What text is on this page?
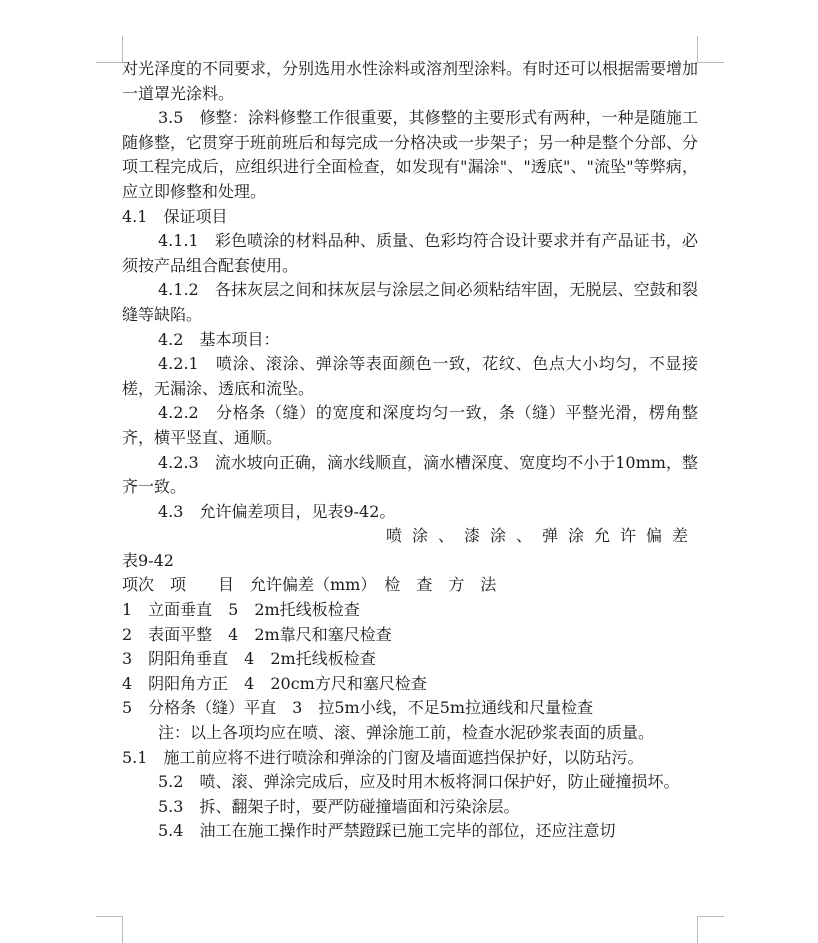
对光泽度的不同要求，分别选用水性涂料或溶剂型涂料。有时还可以根据需要增加一道罩光涂料。

3.5　修整：涂料修整工作很重要，其修整的主要形式有两种，一种是随施工随修整，它贯穿于班前班后和每完成一分格决或一步架子；另一种是整个分部、分项工程完成后，应组织进行全面检查，如发现有"漏涂"、"透底"、"流坠"等弊病，应立即修整和处理。

4.1　保证项目

4.1.1　彩色喷涂的材料品种、质量、色彩均符合设计要求并有产品证书，必须按产品组合配套使用。

4.1.2　各抹灰层之间和抹灰层与涂层之间必须粘结牢固，无脱层、空鼓和裂缝等缺陷。

4.2　基本项目：

4.2.1　喷涂、滚涂、弹涂等表面颜色一致，花纹、色点大小均匀，不显接槎，无漏涂、透底和流坠。

4.2.2　分格条（缝）的宽度和深度均匀一致，条（缝）平整光滑，楞角整齐，横平竖直、通顺。

4.2.3　流水坡向正确，滴水线顺直，滴水槽深度、宽度均不小于10mm，整齐一致。

4.3　允许偏差项目，见表9-42。

喷涂、漆涂、弹涂允许偏差

表9-42

项次　项　　目　允许偏差（mm）　检　查　方　法

1　立面垂直　5　2m托线板检查

2　表面平整　4　2m靠尺和塞尺检查

3　阴阳角垂直　4　2m托线板检查

4　阴阳角方正　4　20cm方尺和塞尺检查

5　分格条（缝）平直　3　拉5m小线，不足5m拉通线和尺量检查

注：以上各项均应在喷、滚、弹涂施工前，检查水泥砂浆表面的质量。

5.1　施工前应将不进行喷涂和弹涂的门窗及墙面遮挡保护好，以防玷污。

5.2　喷、滚、弹涂完成后，应及时用木板将洞口保护好，防止碰撞损坏。

5.3　拆、翻架子时，要严防碰撞墙面和污染涂层。

5.4　油工在施工操作时严禁蹬踩已施工完毕的部位，还应注意切
